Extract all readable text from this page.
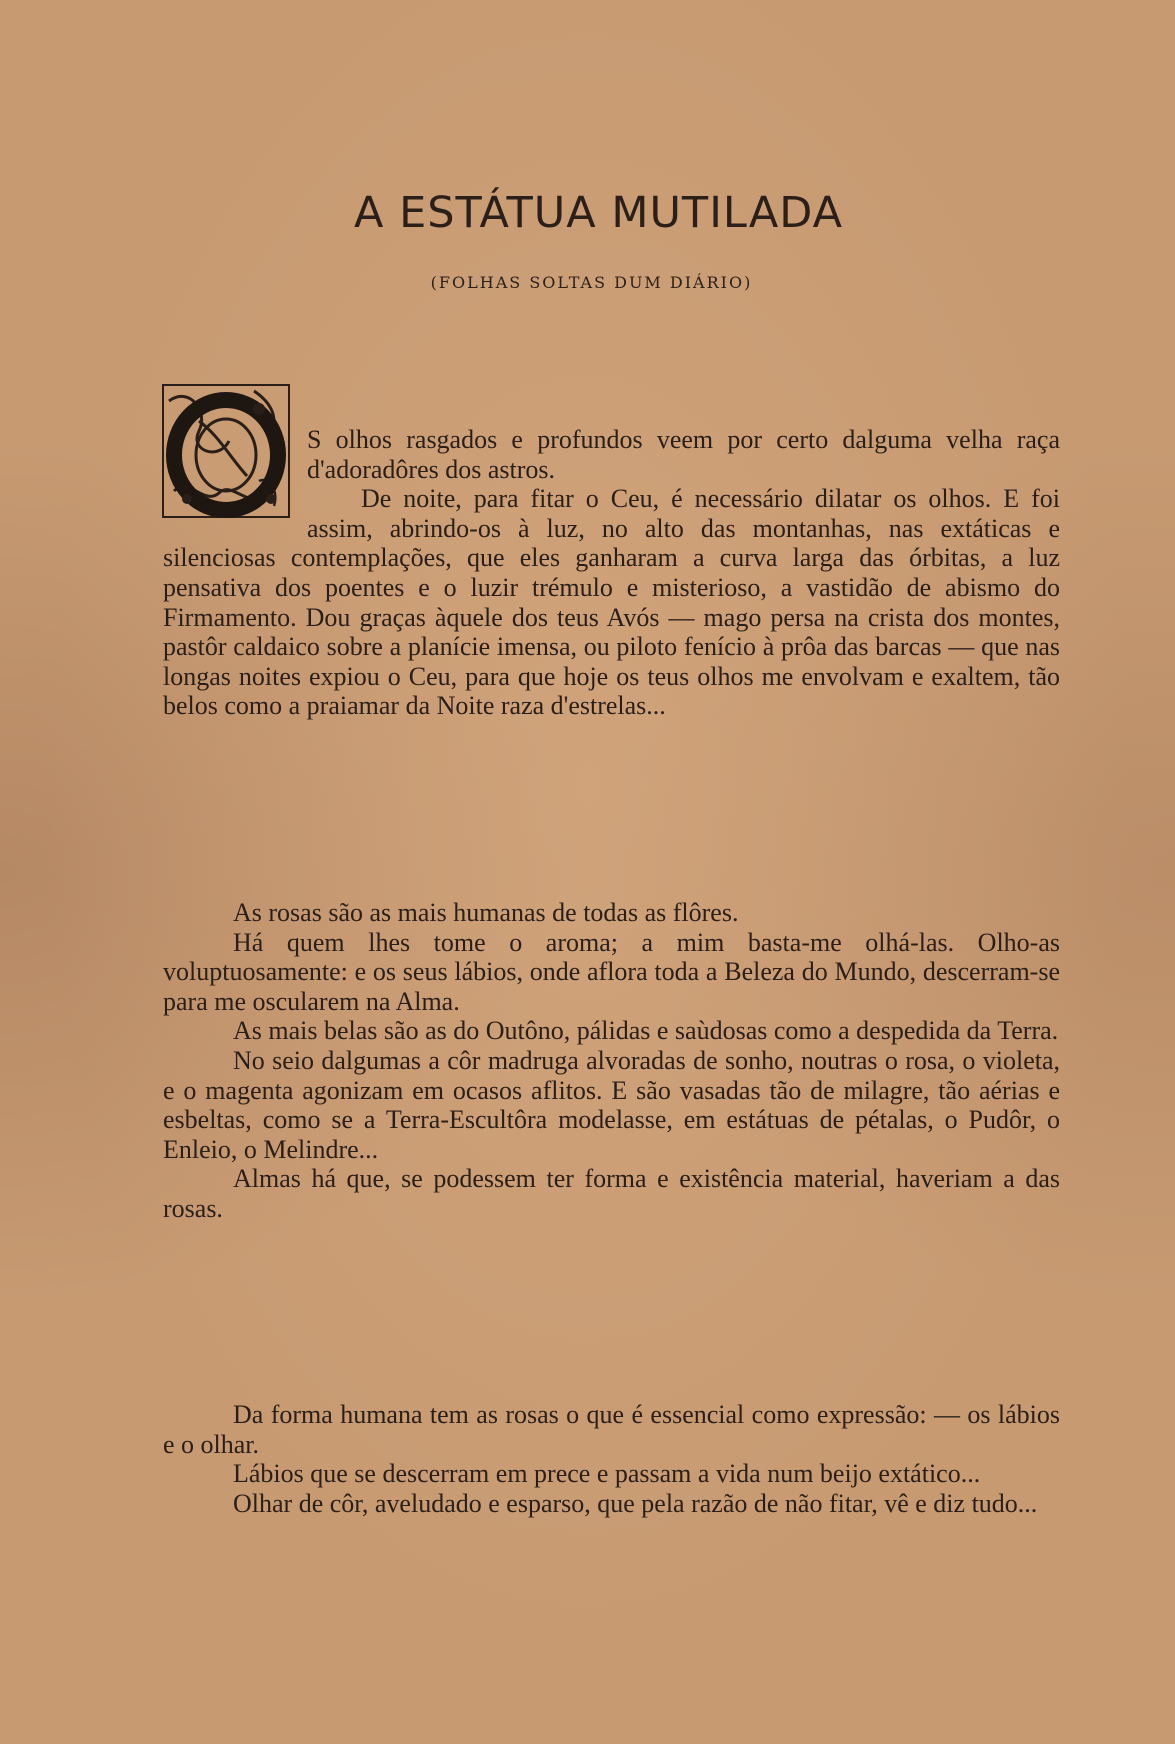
A ESTÁTUA MUTILADA
(FOLHAS SOLTAS DUM DIÁRIO)

S olhos rasgados e profundos veem por certo dalguma velha raça d'adoradôres dos astros.

De noite, para fitar o Ceu, é necessário dilatar os olhos. E foi assim, abrindo-os à luz, no alto das montanhas, nas extáticas e silenciosas contemplações, que eles ganharam a curva larga das órbitas, a luz pensativa dos poentes e o luzir trémulo e misterioso, a vastidão de abismo do Firmamento. Dou graças àquele dos teus Avós — mago persa na crista dos montes, pastôr caldaico sobre a planície imensa, ou piloto fenício à prôa das barcas — que nas longas noites expiou o Ceu, para que hoje os teus olhos me envolvam e exaltem, tão belos como a praiamar da Noite raza d'estrelas...

As rosas são as mais humanas de todas as flôres.

Há quem lhes tome o aroma; a mim basta-me olhá-las. Olho-as voluptuosamente: e os seus lábios, onde aflora toda a Beleza do Mundo, descerram-se para me oscularem na Alma.

As mais belas são as do Outôno, pálidas e saùdosas como a despedida da Terra.

No seio dalgumas a côr madruga alvoradas de sonho, noutras o rosa, o violeta, e o magenta agonizam em ocasos aflitos. E são vasadas tão de milagre, tão aérias e esbeltas, como se a Terra-Escultôra modelasse, em estátuas de pétalas, o Pudôr, o Enleio, o Melindre...

Almas há que, se podessem ter forma e existência material, haveriam a das rosas.

Da forma humana tem as rosas o que é essencial como expressão: — os lábios e o olhar.

Lábios que se descerram em prece e passam a vida num beijo extático...

Olhar de côr, aveludado e esparso, que pela razão de não fitar, vê e diz tudo...
